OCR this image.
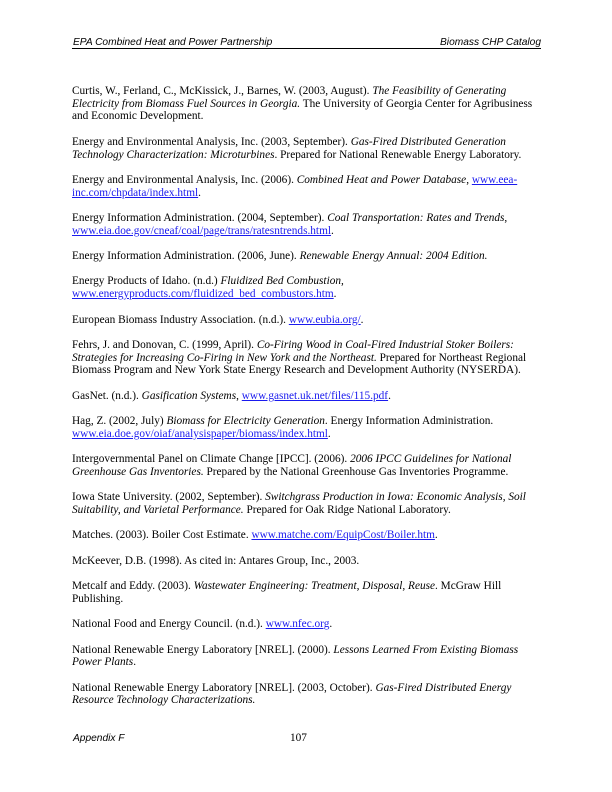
EPA Combined Heat and Power Partnership	Biomass CHP Catalog

Curtis, W., Ferland, C., McKissick, J., Barnes, W. (2003, August). The Feasibility of Generating Electricity from Biomass Fuel Sources in Georgia. The University of Georgia Center for Agribusiness and Economic Development.

Energy and Environmental Analysis, Inc. (2003, September). Gas-Fired Distributed Generation Technology Characterization: Microturbines. Prepared for National Renewable Energy Laboratory.

Energy and Environmental Analysis, Inc. (2006). Combined Heat and Power Database, www.eea-inc.com/chpdata/index.html.

Energy Information Administration. (2004, September). Coal Transportation: Rates and Trends, www.eia.doe.gov/cneaf/coal/page/trans/ratesntrends.html.

Energy Information Administration. (2006, June). Renewable Energy Annual: 2004 Edition.

Energy Products of Idaho. (n.d.) Fluidized Bed Combustion, www.energyproducts.com/fluidized_bed_combustors.htm.

European Biomass Industry Association. (n.d.). www.eubia.org/.

Fehrs, J. and Donovan, C. (1999, April). Co-Firing Wood in Coal-Fired Industrial Stoker Boilers: Strategies for Increasing Co-Firing in New York and the Northeast. Prepared for Northeast Regional Biomass Program and New York State Energy Research and Development Authority (NYSERDA).

GasNet. (n.d.). Gasification Systems, www.gasnet.uk.net/files/115.pdf.

Hag, Z. (2002, July) Biomass for Electricity Generation. Energy Information Administration. www.eia.doe.gov/oiaf/analysispaper/biomass/index.html.

Intergovernmental Panel on Climate Change [IPCC]. (2006). 2006 IPCC Guidelines for National Greenhouse Gas Inventories. Prepared by the National Greenhouse Gas Inventories Programme.

Iowa State University. (2002, September). Switchgrass Production in Iowa: Economic Analysis, Soil Suitability, and Varietal Performance. Prepared for Oak Ridge National Laboratory.

Matches. (2003). Boiler Cost Estimate. www.matche.com/EquipCost/Boiler.htm.

McKeever, D.B. (1998). As cited in: Antares Group, Inc., 2003.

Metcalf and Eddy. (2003). Wastewater Engineering: Treatment, Disposal, Reuse. McGraw Hill Publishing.

National Food and Energy Council. (n.d.). www.nfec.org.

National Renewable Energy Laboratory [NREL]. (2000). Lessons Learned From Existing Biomass Power Plants.

National Renewable Energy Laboratory [NREL]. (2003, October). Gas-Fired Distributed Energy Resource Technology Characterizations.

Appendix F	107
